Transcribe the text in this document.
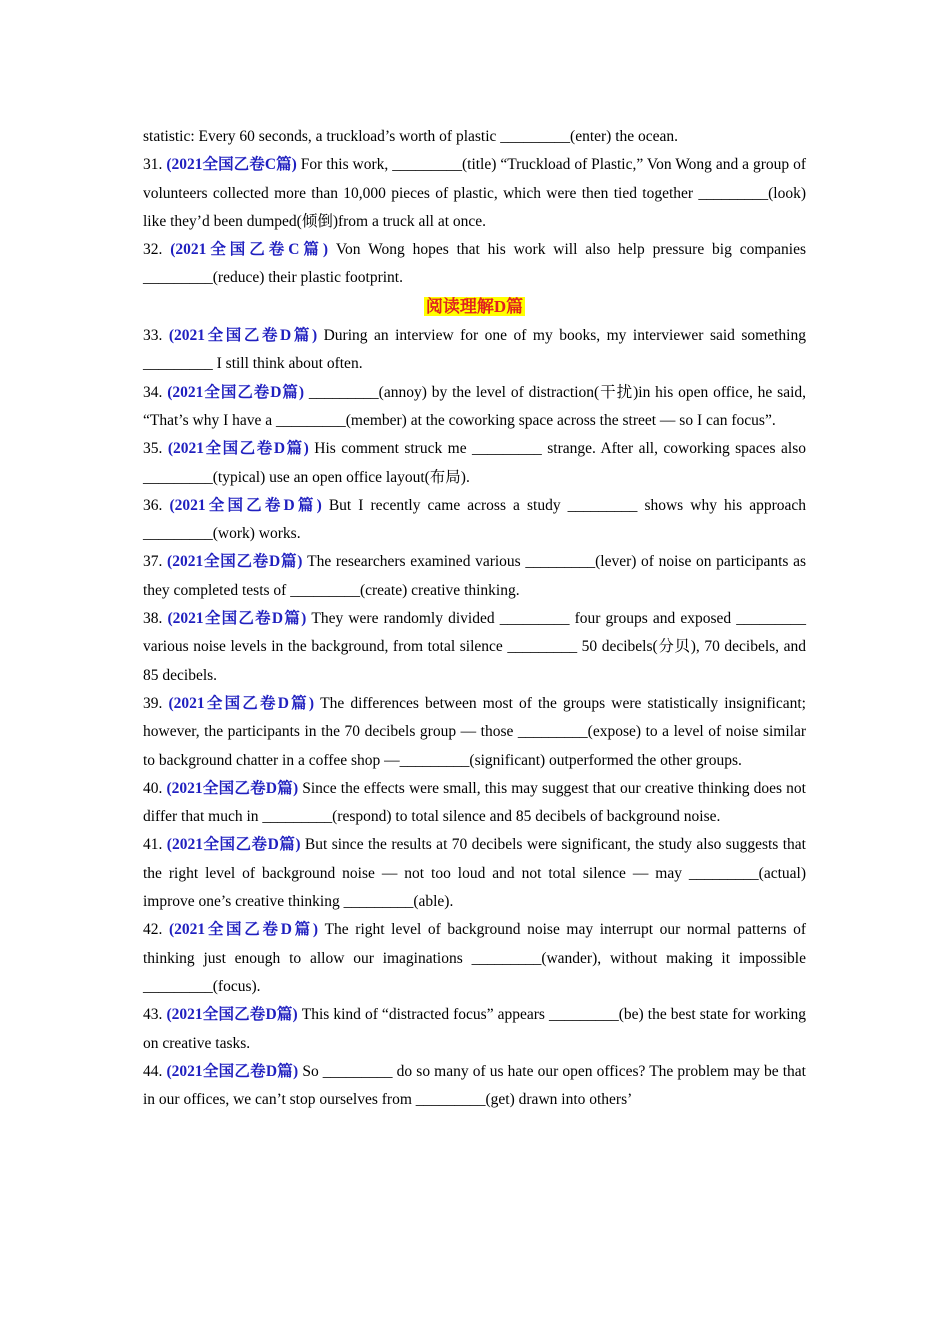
statistic: Every 60 seconds, a truckload’s worth of plastic _________(enter) the ocean.

31. (2021全国乙卷C篇) For this work, _________(title) “Truckload of Plastic,” Von Wong and a group of volunteers collected more than 10,000 pieces of plastic, which were then tied together _________(look) like they’d been dumped(倾倒)from a truck all at once.

32. (2021全国乙卷C篇) Von Wong hopes that his work will also help pressure big companies _________(reduce) their plastic footprint.

阅读理解D篇

33. (2021全国乙卷D篇) During an interview for one of my books, my interviewer said something _________ I still think about often.

34. (2021全国乙卷D篇) _________(annoy) by the level of distraction(干扰)in his open office, he said, “That’s why I have a _________(member) at the coworking space across the street — so I can focus”.

35. (2021全国乙卷D篇) His comment struck me _________ strange. After all, coworking spaces also _________(typical) use an open office layout(布局).

36. (2021全国乙卷D篇) But I recently came across a study _________ shows why his approach _________(work) works.

37. (2021全国乙卷D篇) The researchers examined various _________(lever) of noise on participants as they completed tests of _________(create) creative thinking.

38. (2021全国乙卷D篇) They were randomly divided _________ four groups and exposed _________ various noise levels in the background, from total silence _________ 50 decibels(分贝), 70 decibels, and 85 decibels.

39. (2021全国乙卷D篇) The differences between most of the groups were statistically insignificant; however, the participants in the 70 decibels group — those _________(expose) to a level of noise similar to background chatter in a coffee shop —_________(significant) outperformed the other groups.

40. (2021全国乙卷D篇) Since the effects were small, this may suggest that our creative thinking does not differ that much in _________(respond) to total silence and 85 decibels of background noise.

41. (2021全国乙卷D篇) But since the results at 70 decibels were significant, the study also suggests that the right level of background noise — not too loud and not total silence — may _________(actual) improve one’s creative thinking _________(able).

42. (2021全国乙卷D篇) The right level of background noise may interrupt our normal patterns of thinking just enough to allow our imaginations _________(wander), without making it impossible _________(focus).

43. (2021全国乙卷D篇) This kind of “distracted focus” appears _________(be) the best state for working on creative tasks.

44. (2021全国乙卷D篇) So _________ do so many of us hate our open offices? The problem may be that in our offices, we can’t stop ourselves from _________(get) drawn into others’
